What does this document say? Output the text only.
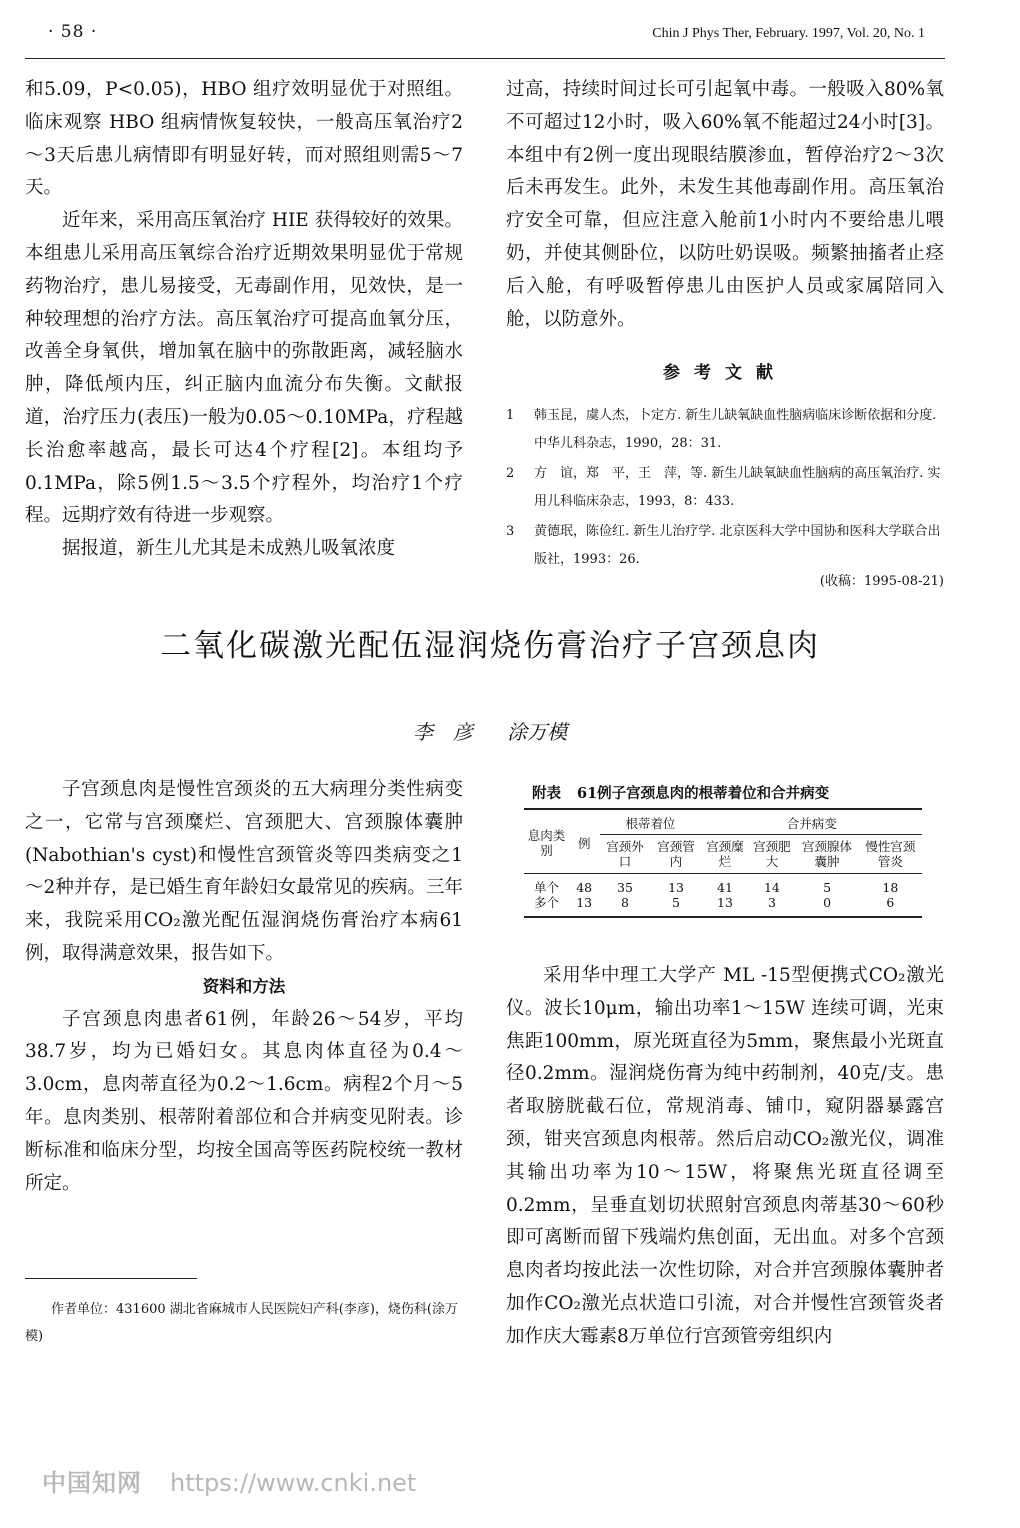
· 58 ·	Chin J Phys Ther, February. 1997, Vol. 20, No. 1

和5.09，P<0.05)，HBO 组疗效明显优于对照组。临床观察 HBO 组病情恢复较快，一般高压氧治疗2～3天后患儿病情即有明显好转，而对照组则需5～7天。

近年来，采用高压氧治疗 HIE 获得较好的效果。本组患儿采用高压氧综合治疗近期效果明显优于常规药物治疗，患儿易接受，无毒副作用，见效快，是一种较理想的治疗方法。高压氧治疗可提高血氧分压，改善全身氧供，增加氧在脑中的弥散距离，减轻脑水肿，降低颅内压，纠正脑内血流分布失衡。文献报道，治疗压力(表压)一般为0.05～0.10MPa，疗程越长治愈率越高，最长可达4个疗程[2]。本组均予0.1MPa，除5例1.5～3.5个疗程外，均治疗1个疗程。远期疗效有待进一步观察。

据报道，新生儿尤其是未成熟儿吸氧浓度

过高，持续时间过长可引起氧中毒。一般吸入80%氧不可超过12小时，吸入60%氧不能超过24小时[3]。本组中有2例一度出现眼结膜渗血，暂停治疗2～3次后未再发生。此外，未发生其他毒副作用。高压氧治疗安全可靠，但应注意入舱前1小时内不要给患儿喂奶，并使其侧卧位，以防吐奶误吸。频繁抽搐者止痉后入舱，有呼吸暂停患儿由医护人员或家属陪同入舱，以防意外。

参考文献
1 韩玉昆，虞人杰，卜定方. 新生儿缺氧缺血性脑病临床诊断依据和分度. 中华儿科杂志，1990，28：31.
2 方　谊，郑　平，王　萍，等. 新生儿缺氧缺血性脑病的高压氧治疗. 实用儿科临床杂志，1993，8：433.
3 黄德珉，陈俭红. 新生儿治疗学. 北京医科大学中国协和医科大学联合出版社，1993：26.
(收稿：1995-08-21)
二氧化碳激光配伍湿润烧伤膏治疗子宫颈息肉
李　彦 涂万模

子宫颈息肉是慢性宫颈炎的五大病理分类性病变之一，它常与宫颈糜烂、宫颈肥大、宫颈腺体囊肿(Nabothian's cyst)和慢性宫颈管炎等四类病变之1～2种并存，是已婚生育年龄妇女最常见的疾病。三年来，我院采用CO₂激光配伍湿润烧伤膏治疗本病61例，取得满意效果，报告如下。

资料和方法

子宫颈息肉患者61例，年龄26～54岁，平均38.7岁，均为已婚妇女。其息肉体直径为0.4～3.0cm，息肉蒂直径为0.2～1.6cm。病程2个月～5年。息肉类别、根蒂附着部位和合并病变见附表。诊断标准和临床分型，均按全国高等医药院校统一教材所定。

附表 61例子宫颈息肉的根蒂着位和合并病变
息肉类别	例	根蒂着位		合并病变			
		宫颈外口	宫颈管内	宫颈糜烂	宫颈肥大	宫颈腺体囊肿	慢性宫颈管炎
单个	48	35	13	41	14	5	18
多个	13	8	5	13	3	0	6

采用华中理工大学产 ML -15型便携式CO₂激光仪。波长10μm，输出功率1～15W 连续可调，光束焦距100mm，原光斑直径为5mm，聚焦最小光斑直径0.2mm。湿润烧伤膏为纯中药制剂，40克/支。患者取膀胱截石位，常规消毒、铺巾，窥阴器暴露宫颈，钳夹宫颈息肉根蒂。然后启动CO₂激光仪，调准其输出功率为10～15W，将聚焦光斑直径调至0.2mm，呈垂直划切状照射宫颈息肉蒂基30～60秒即可离断而留下残端灼焦创面，无出血。对多个宫颈息肉者均按此法一次性切除，对合并宫颈腺体囊肿者加作CO₂激光点状造口引流，对合并慢性宫颈管炎者加作庆大霉素8万单位行宫颈管旁组织内

作者单位：431600 湖北省麻城市人民医院妇产科(李彦)，烧伤科(涂万模)
中国知网 https://www.cnki.net
